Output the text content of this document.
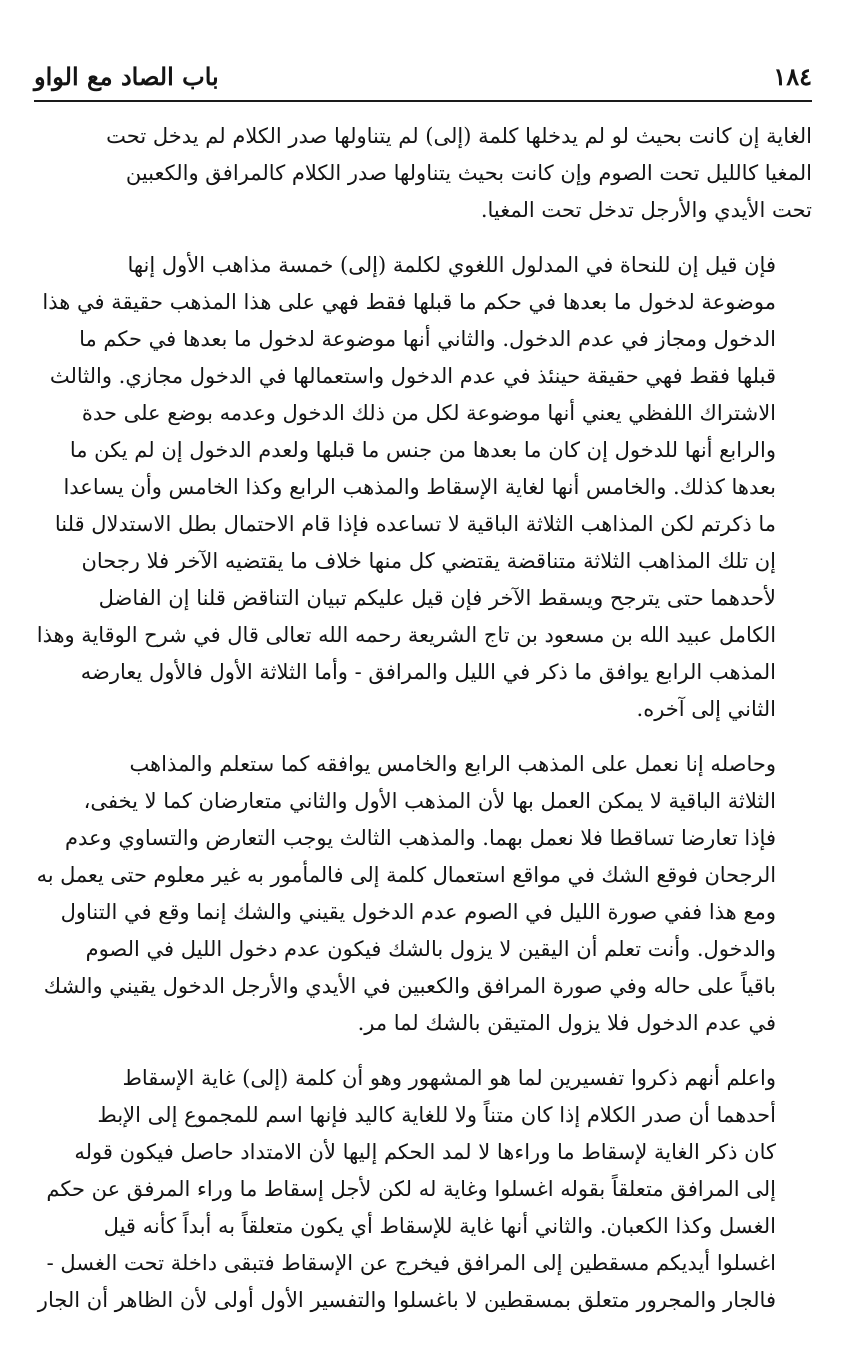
باب الصاد مع الواو	١٨٤

الغاية إن كانت بحيث لو لم يدخلها كلمة (إلى) لم يتناولها صدر الكلام لم يدخل تحت
المغيا كالليل تحت الصوم وإن كانت بحيث يتناولها صدر الكلام كالمرافق والكعبين
تحت الأيدي والأرجل تدخل تحت المغيا.

فإن قيل إن للنحاة في المدلول اللغوي لكلمة (إلى) خمسة مذاهب الأول إنها
موضوعة لدخول ما بعدها في حكم ما قبلها فقط فهي على هذا المذهب حقيقة في هذا
الدخول ومجاز في عدم الدخول. والثاني أنها موضوعة لدخول ما بعدها في حكم ما
قبلها فقط فهي حقيقة حينئذ في عدم الدخول واستعمالها في الدخول مجازي. والثالث
الاشتراك اللفظي يعني أنها موضوعة لكل من ذلك الدخول وعدمه بوضع على حدة
والرابع أنها للدخول إن كان ما بعدها من جنس ما قبلها ولعدم الدخول إن لم يكن ما
بعدها كذلك. والخامس أنها لغاية الإسقاط والمذهب الرابع وكذا الخامس وأن يساعدا
ما ذكرتم لكن المذاهب الثلاثة الباقية لا تساعده فإذا قام الاحتمال بطل الاستدلال قلنا
إن تلك المذاهب الثلاثة متناقضة يقتضي كل منها خلاف ما يقتضيه الآخر فلا رجحان
لأحدهما حتى يترجح ويسقط الآخر فإن قيل عليكم تبيان التناقض قلنا إن الفاضل
الكامل عبيد الله بن مسعود بن تاج الشريعة رحمه الله تعالى قال في شرح الوقاية وهذا
المذهب الرابع يوافق ما ذكر في الليل والمرافق - وأما الثلاثة الأول فالأول يعارضه
الثاني إلى آخره.

وحاصله إنا نعمل على المذهب الرابع والخامس يوافقه كما ستعلم والمذاهب
الثلاثة الباقية لا يمكن العمل بها لأن المذهب الأول والثاني متعارضان كما لا يخفى،
فإذا تعارضا تساقطا فلا نعمل بهما. والمذهب الثالث يوجب التعارض والتساوي وعدم
الرجحان فوقع الشك في مواقع استعمال كلمة إلى فالمأمور به غير معلوم حتى يعمل به
ومع هذا ففي صورة الليل في الصوم عدم الدخول يقيني والشك إنما وقع في التناول
والدخول. وأنت تعلم أن اليقين لا يزول بالشك فيكون عدم دخول الليل في الصوم
باقياً على حاله وفي صورة المرافق والكعبين في الأيدي والأرجل الدخول يقيني والشك
في عدم الدخول فلا يزول المتيقن بالشك لما مر.

واعلم أنهم ذكروا تفسيرين لما هو المشهور وهو أن كلمة (إلى) غاية الإسقاط
أحدهما أن صدر الكلام إذا كان متناً ولا للغاية كاليد فإنها اسم للمجموع إلى الإبط
كان ذكر الغاية لإسقاط ما وراءها لا لمد الحكم إليها لأن الامتداد حاصل فيكون قوله
إلى المرافق متعلقاً بقوله اغسلوا وغاية له لكن لأجل إسقاط ما وراء المرفق عن حكم
الغسل وكذا الكعبان. والثاني أنها غاية للإسقاط أي يكون متعلقاً به أبداً كأنه قيل
اغسلوا أيديكم مسقطين إلى المرافق فيخرج عن الإسقاط فتبقى داخلة تحت الغسل -
فالجار والمجرور متعلق بمسقطين لا باغسلوا والتفسير الأول أولى لأن الظاهر أن الجار
